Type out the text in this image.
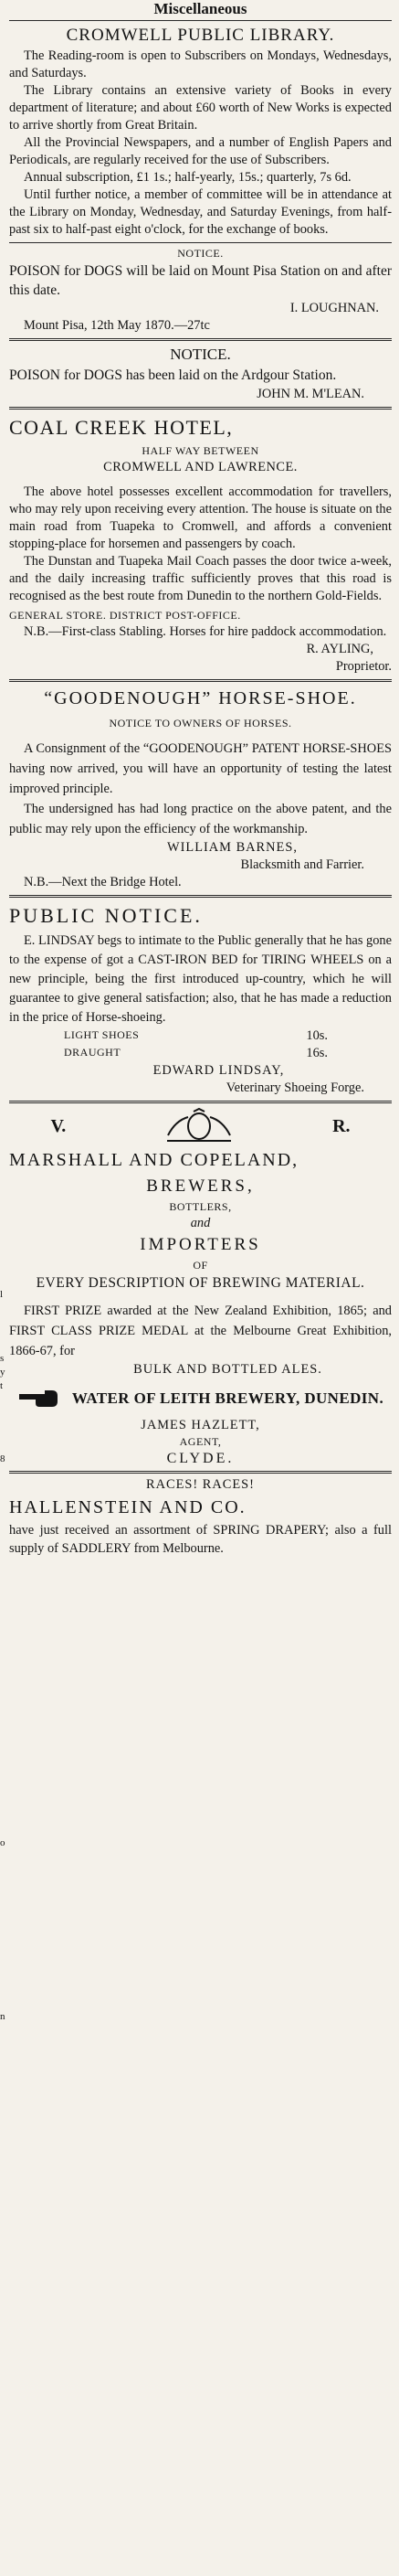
l
s
y
t
8
o
n
Miscellaneous

CROMWELL PUBLIC LIBRARY.

The Reading-room is open to Subscribers on Mondays, Wednesdays, and Saturdays.

The Library contains an extensive variety of Books in every department of literature; and about £60 worth of New Works is expected to arrive shortly from Great Britain.

All the Provincial Newspapers, and a number of English Papers and Periodicals, are regularly received for the use of Subscribers.

Annual subscription, £1 1s.; half-yearly, 15s.; quarterly, 7s 6d.

Until further notice, a member of committee will be in attendance at the Library on Monday, Wednesday, and Saturday Evenings, from half-past six to half-past eight o'clock, for the exchange of books.

NOTICE.

POISON for DOGS will be laid on Mount Pisa Station on and after this date.

I. LOUGHNAN.

Mount Pisa, 12th May 1870.—27tc

NOTICE.

POISON for DOGS has been laid on the Ardgour Station.

JOHN M. M'LEAN.

COAL CREEK HOTEL,

HALF WAY BETWEEN

CROMWELL AND LAWRENCE.

The above hotel possesses excellent accommodation for travellers, who may rely upon receiving every attention. The house is situate on the main road from Tuapeka to Cromwell, and affords a convenient stopping-place for horsemen and passengers by coach.

The Dunstan and Tuapeka Mail Coach passes the door twice a-week, and the daily increasing traffic sufficiently proves that this road is recognised as the best route from Dunedin to the northern Gold-Fields.

GENERAL STORE. DISTRICT POST-OFFICE.

N.B.—First-class Stabling. Horses for hire paddock accommodation.

R. AYLING,

Proprietor.

“GOODENOUGH” HORSE-SHOE.

NOTICE TO OWNERS OF HORSES.

A Consignment of the “GOODENOUGH” PATENT HORSE-SHOES having now arrived, you will have an opportunity of testing the latest improved principle.

The undersigned has had long practice on the above patent, and the public may rely upon the efficiency of the workmanship.

WILLIAM BARNES,

Blacksmith and Farrier.

N.B.—Next the Bridge Hotel.

PUBLIC NOTICE.

E. LINDSAY begs to intimate to the Public generally that he has gone to the expense of got a CAST-IRON BED for TIRING WHEELS on a new principle, being the first introduced up-country, which he will guarantee to give general satisfaction; also, that he has made a reduction in the price of Horse-shoeing.

LIGHT SHOES	10s.
DRAUGHT	16s.

EDWARD LINDSAY,

Veterinary Shoeing Forge.

V.	R.

MARSHALL AND COPELAND,

BREWERS,

BOTTLERS,

and

IMPORTERS

OF

EVERY DESCRIPTION OF BREWING MATERIAL.

FIRST PRIZE awarded at the New Zealand Exhibition, 1865; and FIRST CLASS PRIZE MEDAL at the Melbourne Great Exhibition, 1866-67, for

BULK AND BOTTLED ALES.

WATER OF LEITH BREWERY, DUNEDIN.

JAMES HAZLETT,

AGENT,

CLYDE.

RACES! RACES!

HALLENSTEIN AND CO.

have just received an assortment of SPRING DRAPERY; also a full supply of SADDLERY from Melbourne.
